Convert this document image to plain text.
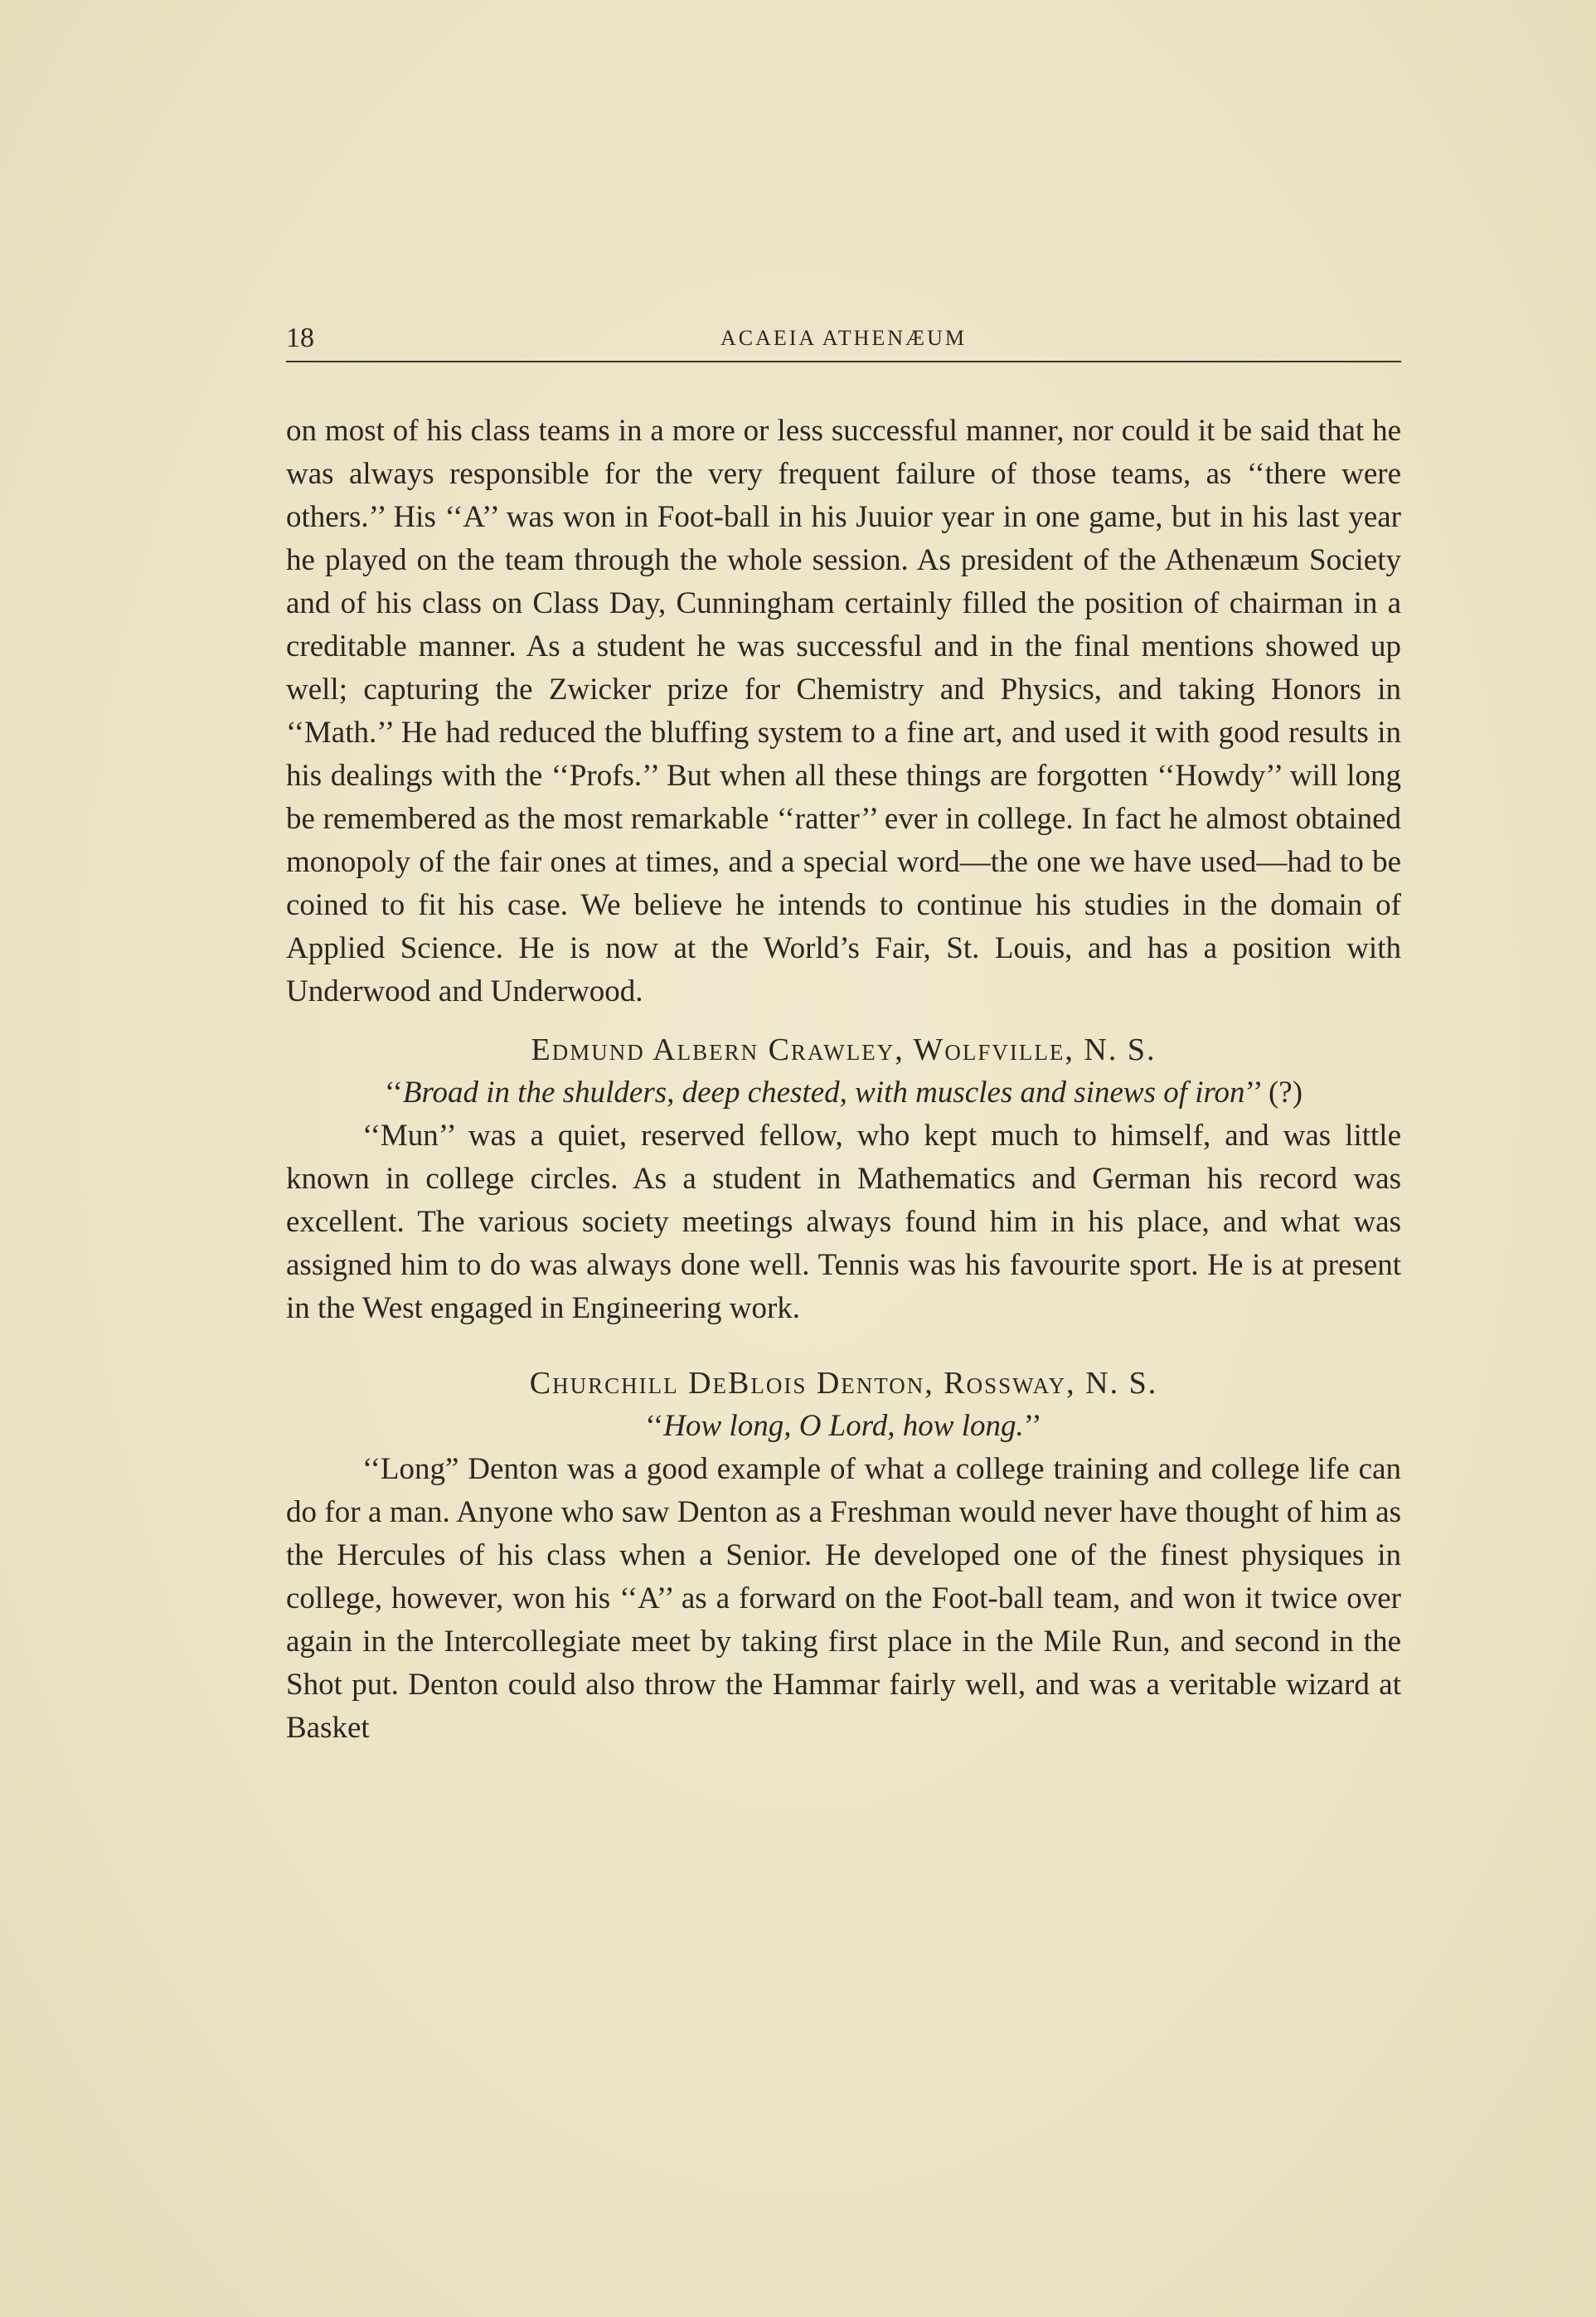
18	ACAEIA ATHENÆUM

on most of his class teams in a more or less successful manner, nor could it be said that he was always responsible for the very frequent failure of those teams, as ‘‘there were others.’’ His ‘‘A’’ was won in Foot-ball in his Juuior year in one game, but in his last year he played on the team through the whole session. As president of the Athenæum Society and of his class on Class Day, Cunningham certainly filled the position of chairman in a creditable manner. As a student he was successful and in the final mentions showed up well; capturing the Zwicker prize for Chemistry and Physics, and taking Honors in ‘‘Math.’’ He had reduced the bluffing system to a fine art, and used it with good results in his dealings with the ‘‘Profs.’’ But when all these things are forgotten ‘‘Howdy’’ will long be remembered as the most remarkable ‘‘ratter’’ ever in college. In fact he almost obtained monopoly of the fair ones at times, and a special word—the one we have used—had to be coined to fit his case. We believe he intends to continue his studies in the domain of Applied Science. He is now at the World’s Fair, St. Louis, and has a position with Underwood and Underwood.

Edmund Albern Crawley, Wolfville, N. S.

‘‘Broad in the shulders, deep chested, with muscles and sinews of iron’’ (?)

‘‘Mun’’ was a quiet, reserved fellow, who kept much to himself, and was little known in college circles. As a student in Mathematics and German his record was excellent. The various society meetings always found him in his place, and what was assigned him to do was always done well. Tennis was his favourite sport. He is at present in the West engaged in Engineering work.

Churchill DeBlois Denton, Rossway, N. S.

‘‘How long, O Lord, how long.’’

‘‘Long” Denton was a good example of what a college training and college life can do for a man. Anyone who saw Denton as a Freshman would never have thought of him as the Hercules of his class when a Senior. He developed one of the finest physiques in college, however, won his ‘‘A’’ as a forward on the Foot-ball team, and won it twice over again in the Intercollegiate meet by taking first place in the Mile Run, and second in the Shot put. Denton could also throw the Hammar fairly well, and was a veritable wizard at Basket
